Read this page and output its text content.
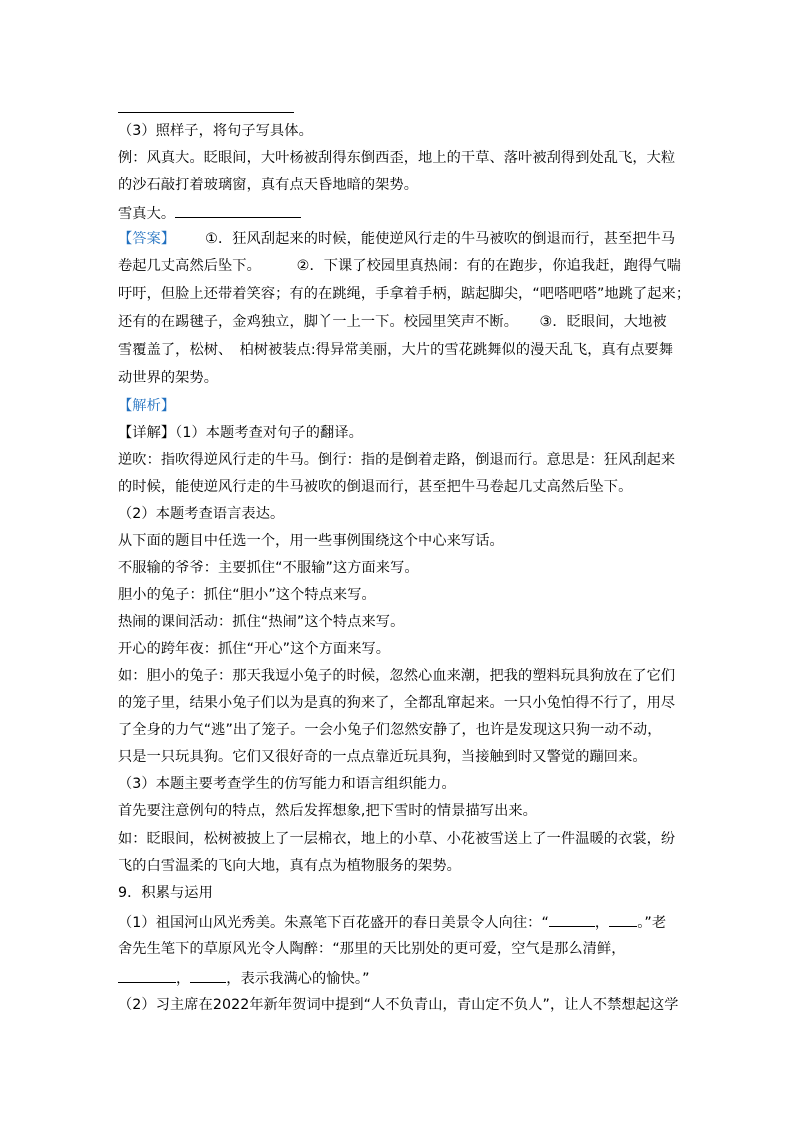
（3）照样子，将句子写具体。
例：风真大。眨眼间，大叶杨被刮得东倒西歪，地上的干草、落叶被刮得到处乱飞，大粒
的沙石敲打着玻璃窗，真有点天昏地暗的架势。
雪真大。
【答案】 ①．狂风刮起来的时候，能使逆风行走的牛马被吹的倒退而行，甚至把牛马
卷起几丈高然后坠下。　　　②．下课了校园里真热闹：有的在跑步，你追我赶，跑得气喘
吁吁，但脸上还带着笑容；有的在跳绳，手拿着手柄，踮起脚尖，“吧嗒吧嗒”地跳了起来；
还有的在踢毽子，金鸡独立，脚丫一上一下。校园里笑声不断。　　③．眨眼间，大地被
雪覆盖了，松树、　柏树被装点:得异常美丽，大片的雪花跳舞似的漫天乱飞，真有点要舞
动世界的架势。
【解析】
【详解】（1）本题考查对句子的翻译。
逆吹：指吹得逆风行走的牛马。倒行：指的是倒着走路，倒退而行。意思是：狂风刮起来
的时候，能使逆风行走的牛马被吹的倒退而行，甚至把牛马卷起几丈高然后坠下。
（2）本题考查语言表达。
从下面的题目中任选一个，用一些事例围绕这个中心来写话。
不服输的爷爷：主要抓住“不服输”这方面来写。
胆小的兔子：抓住“胆小”这个特点来写。
热闹的课间活动：抓住“热闹”这个特点来写。
开心的跨年夜：抓住“开心”这个方面来写。
如：胆小的兔子：那天我逗小兔子的时候，忽然心血来潮，把我的塑料玩具狗放在了它们
的笼子里，结果小兔子们以为是真的狗来了，全都乱窜起来。一只小兔怕得不行了，用尽
了全身的力气“逃”出了笼子。一会小兔子们忽然安静了，也许是发现这只狗一动不动，
只是一只玩具狗。它们又很好奇的一点点靠近玩具狗，当接触到时又警觉的蹦回来。
（3）本题主要考查学生的仿写能力和语言组织能力。
首先要注意例句的特点，然后发挥想象,把下雪时的情景描写出来。
如：眨眼间，松树被披上了一层棉衣，地上的小草、小花被雪送上了一件温暖的衣裳，纷
飞的白雪温柔的飞向大地，真有点为植物服务的架势。
9．积累与运用
（1）祖国河山风光秀美。朱熹笔下百花盛开的春日美景令人向往：“	， 。”老
舍先生笔下的草原风光令人陶醉：“那里的天比别处的更可爱，空气是那么清鲜，
，	，表示我满心的愉快。”
（2）习主席在2022年新年贺词中提到“人不负青山，青山定不负人”，让人不禁想起这学
